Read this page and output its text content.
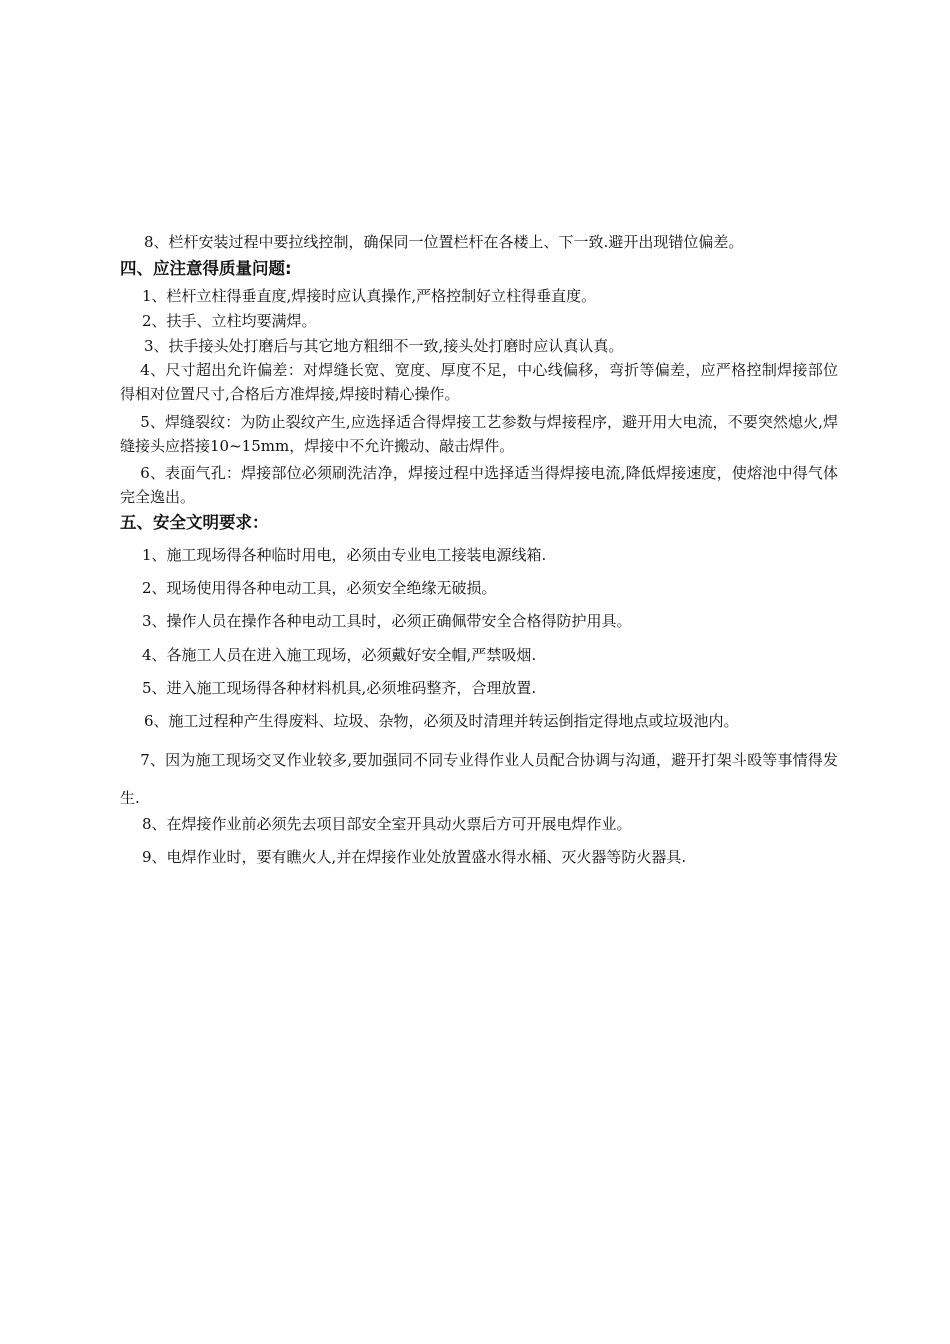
8、栏杆安装过程中要拉线控制，确保同一位置栏杆在各楼上、下一致.避开出现错位偏差。
四、应注意得质量问题:
1、栏杆立柱得垂直度,焊接时应认真操作,严格控制好立柱得垂直度。
2、扶手、立柱均要满焊。
3、扶手接头处打磨后与其它地方粗细不一致,接头处打磨时应认真认真。
4、尺寸超出允许偏差：对焊缝长宽、宽度、厚度不足，中心线偏移，弯折等偏差，应严格控制焊接部位得相对位置尺寸,合格后方准焊接,焊接时精心操作。
5、焊缝裂纹：为防止裂纹产生,应选择适合得焊接工艺参数与焊接程序，避开用大电流，不要突然熄火,焊缝接头应搭接10~15mm，焊接中不允许搬动、敲击焊件。
6、表面气孔：焊接部位必须刷洗洁净，焊接过程中选择适当得焊接电流,降低焊接速度，使熔池中得气体完全逸出。
五、安全文明要求：
1、施工现场得各种临时用电，必须由专业电工接装电源线箱.
2、现场使用得各种电动工具，必须安全绝缘无破损。
3、操作人员在操作各种电动工具时，必须正确佩带安全合格得防护用具。
4、各施工人员在进入施工现场，必须戴好安全帽,严禁吸烟.
5、进入施工现场得各种材料机具,必须堆码整齐，合理放置.
6、施工过程种产生得废料、垃圾、杂物，必须及时清理并转运倒指定得地点或垃圾池内。
7、因为施工现场交叉作业较多,要加强同不同专业得作业人员配合协调与沟通，避开打架斗殴等事情得发生.
8、在焊接作业前必须先去项目部安全室开具动火票后方可开展电焊作业。
9、电焊作业时，要有瞧火人,并在焊接作业处放置盛水得水桶、灭火器等防火器具.
